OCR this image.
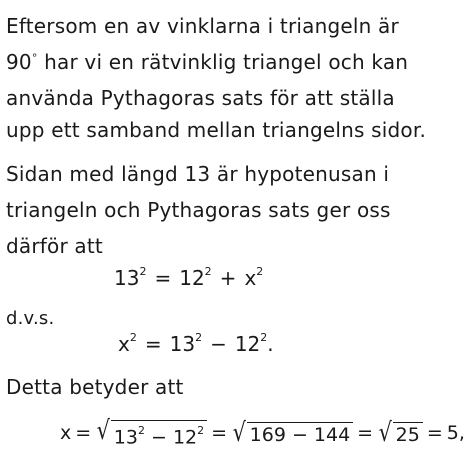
Eftersom en av vinklarna i triangeln är
90° har vi en rätvinklig triangel och kan
använda Pythagoras sats för att ställa
upp ett samband mellan triangelns sidor.
Sidan med längd 13 är hypotenusan i
triangeln och Pythagoras sats ger oss
därför att
$13^2 = 12^2 + x^2$
d.v.s.
$x^2 = 13^2 - 12^2$.
Detta betyder att
x = √ $13^2 - 12^2$ = √ 169 − 144 = √ 25 = 5,
